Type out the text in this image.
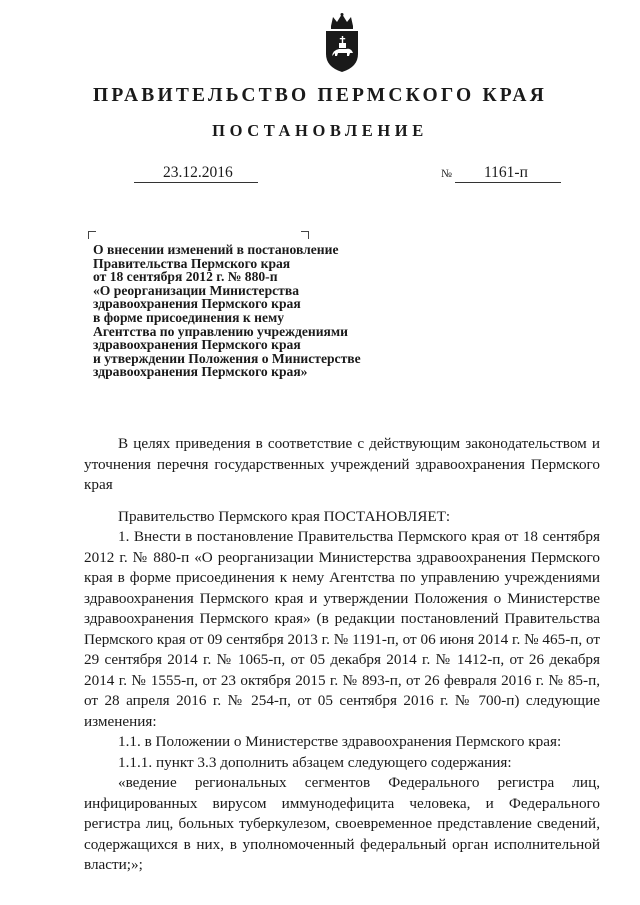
ПРАВИТЕЛЬСТВО ПЕРМСКОГО КРАЯ
ПОСТАНОВЛЕНИЕ
23.12.2016	№ 1161-п
О внесении изменений в постановление
Правительства Пермского края
от 18 сентября 2012 г. № 880-п
«О реорганизации Министерства
здравоохранения Пермского края
в форме присоединения к нему
Агентства по управлению учреждениями
здравоохранения Пермского края
и утверждении Положения о Министерстве
здравоохранения Пермского края»

В целях приведения в соответствие с действующим законодательством и уточнения перечня государственных учреждений здравоохранения Пермского края

Правительство Пермского края ПОСТАНОВЛЯЕТ:

1. Внести в постановление Правительства Пермского края от 18 сентября 2012 г. № 880-п «О реорганизации Министерства здравоохранения Пермского края в форме присоединения к нему Агентства по управлению учреждениями здравоохранения Пермского края и утверждении Положения о Министерстве здравоохранения Пермского края» (в редакции постановлений Правительства Пермского края от 09 сентября 2013 г. № 1191-п, от 06 июня 2014 г. № 465-п, от 29 сентября 2014 г. № 1065-п, от 05 декабря 2014 г. № 1412-п, от 26 декабря 2014 г. № 1555-п, от 23 октября 2015 г. № 893-п, от 26 февраля 2016 г. № 85-п, от 28 апреля 2016 г. № 254-п, от 05 сентября 2016 г. № 700-п) следующие изменения:

1.1. в Положении о Министерстве здравоохранения Пермского края:

1.1.1. пункт 3.3 дополнить абзацем следующего содержания:

«ведение региональных сегментов Федерального регистра лиц, инфицированных вирусом иммунодефицита человека, и Федерального регистра лиц, больных туберкулезом, своевременное представление сведений, содержащихся в них, в уполномоченный федеральный орган исполнительной власти;»;
